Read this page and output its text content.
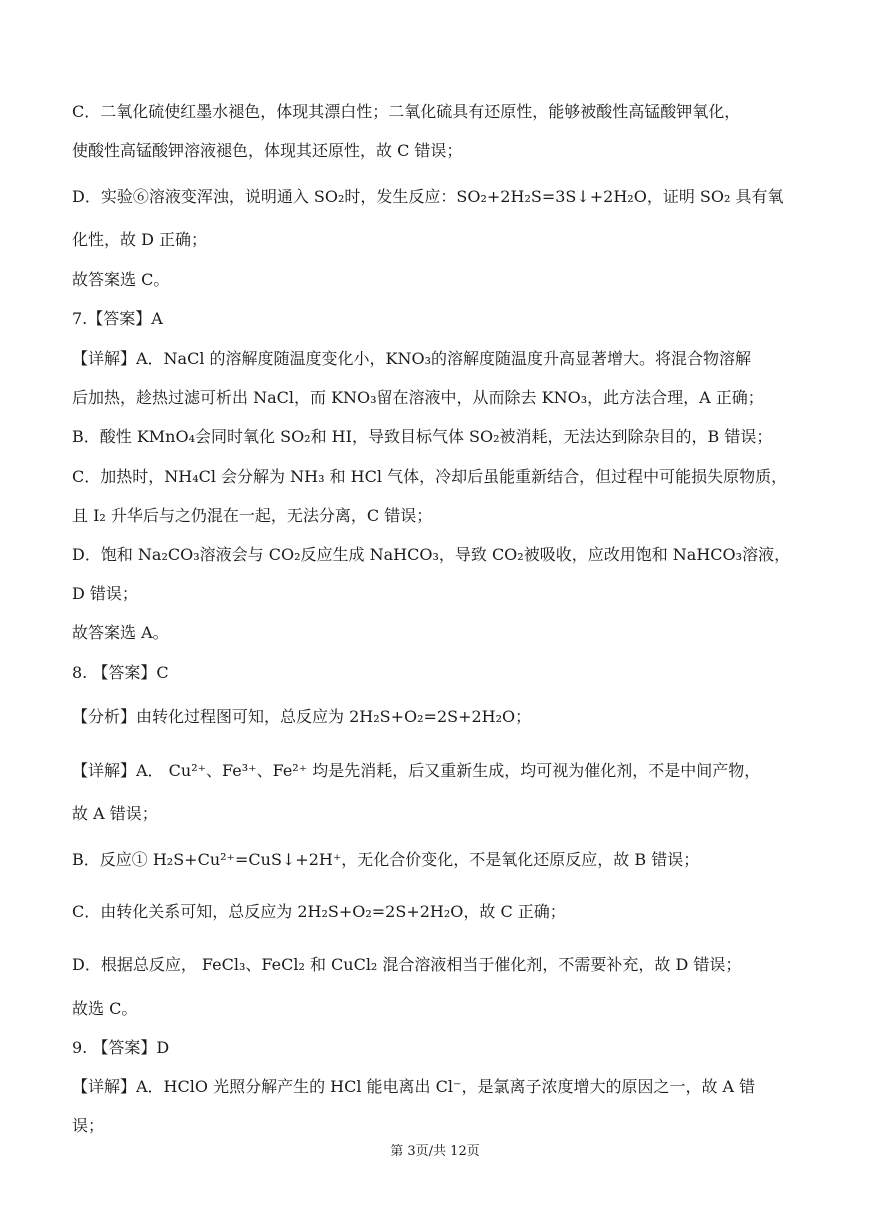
C．二氧化硫使红墨水褪色，体现其漂白性；二氧化硫具有还原性，能够被酸性高锰酸钾氧化，
使酸性高锰酸钾溶液褪色，体现其还原性，故 C 错误；
D．实验⑥溶液变浑浊，说明通入 SO₂时，发生反应：SO₂+2H₂S=3S↓+2H₂O，证明 SO₂ 具有氧
化性，故 D 正确；
故答案选 C。
7.【答案】A
【详解】A．NaCl 的溶解度随温度变化小，KNO₃的溶解度随温度升高显著增大。将混合物溶解
后加热，趁热过滤可析出 NaCl，而 KNO₃留在溶液中，从而除去 KNO₃，此方法合理，A 正确；
B．酸性 KMnO₄会同时氧化 SO₂和 HI，导致目标气体 SO₂被消耗，无法达到除杂目的，B 错误；
C．加热时，NH₄Cl 会分解为 NH₃ 和 HCl 气体，冷却后虽能重新结合，但过程中可能损失原物质，
且 I₂ 升华后与之仍混在一起，无法分离，C 错误；
D．饱和 Na₂CO₃溶液会与 CO₂反应生成 NaHCO₃，导致 CO₂被吸收，应改用饱和 NaHCO₃溶液，
D 错误；
故答案选 A。
8. 【答案】C
【分析】由转化过程图可知，总反应为 2H₂S+O₂=2S+2H₂O；
【详解】A． Cu²⁺、Fe³⁺、Fe²⁺ 均是先消耗，后又重新生成，均可视为催化剂，不是中间产物，
故 A 错误；
B．反应① H₂S+Cu²⁺=CuS↓+2H⁺，无化合价变化，不是氧化还原反应，故 B 错误；
C．由转化关系可知，总反应为 2H₂S+O₂=2S+2H₂O，故 C 正确；
D．根据总反应， FeCl₃、FeCl₂ 和 CuCl₂ 混合溶液相当于催化剂，不需要补充，故 D 错误；
故选 C。
9. 【答案】D
【详解】A．HClO 光照分解产生的 HCl 能电离出 Cl⁻，是氯离子浓度增大的原因之一，故 A 错
误；
第 3页/共 12页
